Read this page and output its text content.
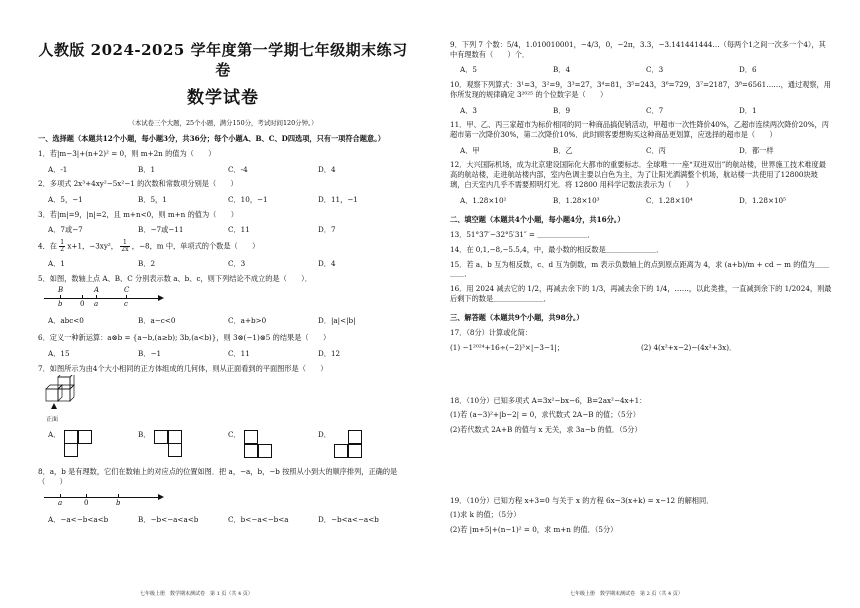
人教版 2024-2025 学年度第一学期七年级期末练习卷
数学试卷
（本试卷三个大题，25个小题，满分150分，考试时间120分钟。）
一、选择题（本题共12个小题，每小题3分，共36分；每个小题A、B、C、D四选项，只有一项符合题意。）
1．若|m−3|+(n+2)² = 0，则 m+2n 的值为（　　）
A．-1	B．1	C．-4	D．4
2．多项式 2x³+4xy²−5x²−1 的次数和常数项分别是（　　）
A．5，−1	B．5，1	C．10，−1	D．11，−1
3．若|m|=9，|n|=2，且 m+n<0，则 m+n 的值为（　　）
A．7或−7	B．−7或−11	C．11	D．7
4．在 $\frac{1}{2} x+1$，−3xy²， $\frac{1}{2x}$ ，−8，m 中，单项式的个数是（　　）
A．1	B．2	C．3	D．4
5．如图，数轴上点 A、B、C 分别表示数 a、b、c，则下列结论不成立的是（　　）．
B	A	C
b	0 a	c
A．abc<0	B．a−c<0	C．a+b>0	D．|a|<|b|
6．定义一种新运算：a⊗b = {a−b,(a≥b); 3b,(a<b)}，则 3⊗(−1)⊗5 的结果是（　　）
A．15	B．−1	C．11	D．12
7．如图所示为由4个大小相同的正方体组成的几何体，则从正面看到的平面图形是（　　）
正面
A．	B．	C．	D．
8．a，b 是有理数，它们在数轴上的对应点的位置如图．把 a，−a，b，−b 按照从小到大的顺序排列，正确的是（　　）
a	0	b
A．−a<−b<a<b	B．−b<−a<a<b	C．b<−a<−b<a	D．−b<a<−a<b
七年级上册　数学期末测试卷　第 1 页（共 4 页）
9．下列 7 个数：5/4，1.010010001，−4/3，0，−2π，3.3，−3.141441444…（每两个1之间一次多一个4），其中有理数有（　　）个．
A．5	B．4	C．3	D．6
10．观察下列算式：3¹=3，3²=9，3³=27，3⁴=81，3⁵=243，3⁶=729，3⁷=2187，3⁸=6561……，通过观察，用你所发现的规律确定 3²⁰²⁵ 的个位数字是（　　）
A．3	B．9	C．7	D．1
11．甲、乙、丙三家超市为标价相同的同一种商品搞促销活动，甲超市一次性降价40%，乙超市连续两次降价20%，丙超市第一次降价30%，第二次降价10%．此时顾客要想购买这种商品更划算，应选择的超市是（　　）
A．甲	B．乙	C．丙	D．都一样
12．大兴国际机场，成为北京建设国际化大都市的重要标志．全球唯一一座“双进双出”的航站楼，世界施工技术难度最高的航站楼，走进航站楼内部，室内色调主要以白色为主，为了让阳光洒满整个机场，航站楼一共使用了12800块玻璃，白天室内几乎不需要照明灯光．将 12800 用科学记数法表示为（　　）
A．1.28×10²	B．1.28×10³	C．1.28×10⁴	D．1.28×10⁵
二、填空题（本题共4个小题，每小题4分，共16分。）
13．51°37′−32°5′31″ = ＿＿＿＿＿＿＿．
14．在 0,1,−8,−5.5,4，中，最小数的相反数是＿＿＿＿＿＿＿．
15．若 a、b 互为相反数，c、d 互为倒数，m 表示负数轴上的点到原点距离为 4，求 (a+b)/m + cd − m 的值为＿＿＿＿．
16．用 2024 减去它的 1/2，再减去余下的 1/3，再减去余下的 1/4，……，以此类推，一直减到余下的 1/2024，则最后剩下的数是＿＿＿＿＿＿＿．
三、解答题（本题共9个小题，共98分。）
17．（8分）计算或化简：
(1) −1²⁰²⁴+16÷(−2)³×|−3−1|；	(2) 4(x²+x−2)−(4x²+3x)．
18．（10分）已知多项式 A=3x²−bx−6，B=2ax²−4x+1：
(1)若 (a−3)²+|b−2| = 0，求代数式 2A−B 的值；（5分）
(2)若代数式 2A+B 的值与 x 无关，求 3a−b 的值．（5分）
19．（10分）已知方程 x+3=0 与关于 x 的方程 6x−3(x+k) = x−12 的解相同．
(1)求 k 的值；（5分）
(2)若 |m+5|+(n−1)² = 0，求 m+n 的值．（5分）
七年级上册　数学期末测试卷　第 2 页（共 4 页）
